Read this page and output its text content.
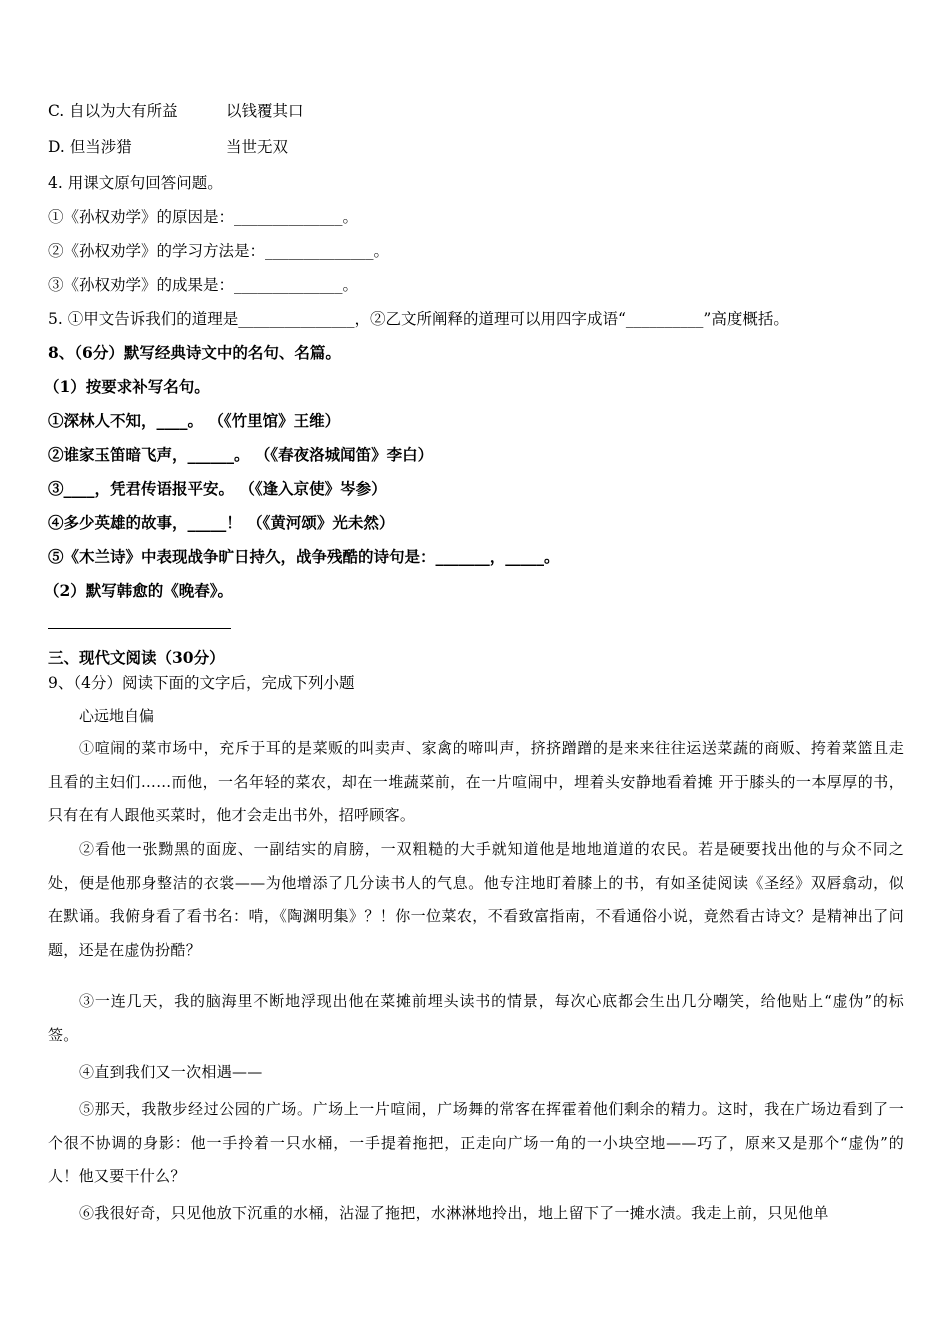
C. 自以为大有所益	以钱覆其口
D. 但当涉猎	当世无双
4. 用课文原句回答问题。
①《孙权劝学》的原因是：______________。
②《孙权劝学》的学习方法是：______________。
③《孙权劝学》的成果是：______________。
5. ①甲文告诉我们的道理是_______________，②乙文所阐释的道理可以用四字成语“__________”高度概括。
8、（6分）默写经典诗文中的名句、名篇。
（1）按要求补写名句。
①深林人不知，____。 （《竹里馆》王维）
②谁家玉笛暗飞声，______。 （《春夜洛城闻笛》李白）
③____，凭君传语报平安。 （《逢入京使》岑参）
④多少英雄的故事，_____！ （《黄河颂》光未然）
⑤《木兰诗》中表现战争旷日持久，战争残酷的诗句是：_______，_____。
（2）默写韩愈的《晚春》。
三、现代文阅读（30分）
9、（4分）阅读下面的文字后，完成下列小题
心远地自偏
①喧闹的菜市场中，充斥于耳的是菜贩的叫卖声、家禽的啼叫声，挤挤蹭蹭的是来来往往运送菜蔬的商贩、挎着菜篮且走且看的主妇们……而他，一名年轻的菜农，却在一堆蔬菜前，在一片喧闹中，埋着头安静地看着摊 开于膝头的一本厚厚的书，只有在有人跟他买菜时，他才会走出书外，招呼顾客。
②看他一张黝黑的面庞、一副结实的肩膀，一双粗糙的大手就知道他是地地道道的农民。若是硬要找出他的与众不同之处，便是他那身整洁的衣裳——为他增添了几分读书人的气息。他专注地盯着膝上的书，有如圣徒阅读《圣经》双唇翕动，似在默诵。我俯身看了看书名：啃，《陶渊明集》？！你一位菜农，不看致富指南，不看通俗小说，竟然看古诗文？是精神出了问题，还是在虚伪扮酷？
③一连几天，我的脑海里不断地浮现出他在菜摊前埋头读书的情景，每次心底都会生出几分嘲笑，给他贴上“虚伪”的标签。
④直到我们又一次相遇——
⑤那天，我散步经过公园的广场。广场上一片喧闹，广场舞的常客在挥霍着他们剩余的精力。这时，我在广场边看到了一个很不协调的身影：他一手拎着一只水桶，一手提着拖把，正走向广场一角的一小块空地——巧了，原来又是那个“虚伪”的人！他又要干什么？
⑥我很好奇，只见他放下沉重的水桶，沾湿了拖把，水淋淋地拎出，地上留下了一摊水渍。我走上前，只见他单
